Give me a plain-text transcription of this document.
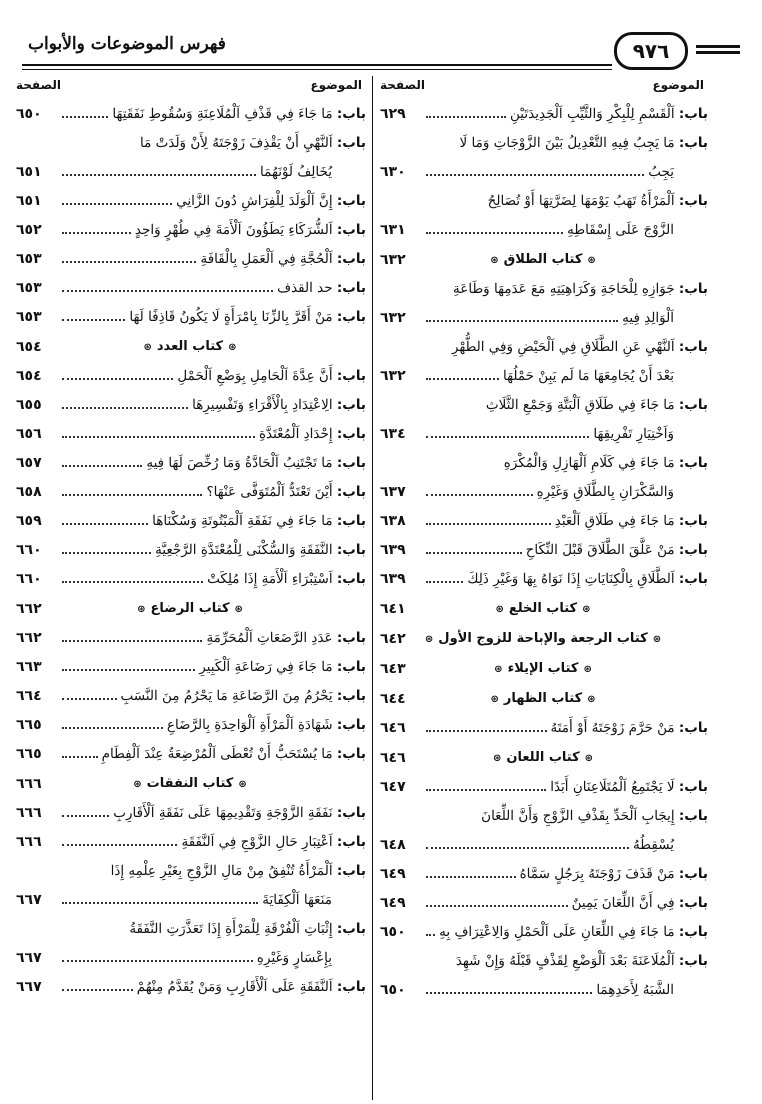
٩٧٦
فهرس الموضوعات والأبواب
الموضوع
الصفحة
باب: اَلْقَسْمِ لِلْبِكْرِ وَالثَّيِّبِ اَلْجَدِيدَتَيْنِ
٦٢٩
باب: مَا يَجِبُ فِيهِ التَّعْدِيلُ بَيْنَ الزَّوْجَاتِ وَمَا لَا
يَجِبُ
٦٣٠
باب: اَلْمَرْأَةُ تَهَبُ يَوْمَهَا لِضَرَّتِهَا أَوْ تُصَالِحُ
الزَّوْجَ عَلَى إِسْقَاطِهِ
٦٣١
⊛كتاب الطلاق⊛
٦٣٢
باب: جَوَازِهِ لِلْحَاجَةِ وَكَرَاهِيَتِهِ مَعَ عَدَمِهَا وَطَاعَةِ
اَلْوَالِدِ فِيهِ
٦٣٢
باب: اَلنَّهْيِ عَنِ الطَّلَاقِ فِي اَلْحَيْضِ وَفِي الطُّهْرِ
بَعْدَ أَنْ يُجَامِعَهَا مَا لَم يَبِنْ حَمْلُهَا
٦٣٢
باب: مَا جَاءَ فِي طَلَاقِ اَلْبَتَّةِ وَجَمْعِ الثَّلَاثِ
وَاَخْتِيَارِ تَفْرِيقِهَا
٦٣٤
باب: مَا جَاءَ فِي كَلَامِ اَلْهَازِلِ وَالْمُكْرَهِ
وَالسَّكْرَانِ بِالطَّلَاقِ وَغَيْرِهِ
٦٣٧
باب: مَا جَاءَ فِي طَلَاقِ اَلْعَبْدِ
٦٣٨
باب: مَنْ عَلَّقَ الطَّلَاقَ قَبْلَ النِّكَاحِ
٦٣٩
باب: اَلطَّلَاقِ بِالْكِنَايَاتِ إِذَا نَوَاهُ بِهَا وَغَيْرِ ذَلِكَ
٦٣٩
⊛كتاب الخلع⊛
٦٤١
⊛كتاب الرجعة والإباحة للزوج الأول⊛
٦٤٢
⊛كتاب الإيلاء⊛
٦٤٣
⊛كتاب الظهار⊛
٦٤٤
باب: مَنْ حَرَّمَ زَوْجَتَهُ أَوْ أَمَتَهُ
٦٤٦
⊛كتاب اللعان⊛
٦٤٦
باب: لَا يَجْتَمِعُ اَلْمُتَلَاعِنَانِ أَبَدًا
٦٤٧
باب: إِيجَابِ اَلْحَدِّ بِقَذْفِ الزَّوْجِ وَأَنَّ اللِّعَانَ
يُسْقِطُهُ
٦٤٨
باب: مَنْ قَذَفَ زَوْجَتَهُ بِرَجُلٍ سَمَّاهُ
٦٤٩
باب: فِي أَنَّ اللِّعَانَ يَمِينٌ
٦٤٩
باب: مَا جَاءَ فِي اللِّعَانِ عَلَى اَلْحَمْلِ وَالِاعْتِرَافِ بِهِ
٦٥٠
باب: اَلْمُلَاعَنَةَ بَعْدَ اَلْوَضْعِ لِقَذْفٍ قَبْلَهُ وَإِنْ شَهِدَ
الشَّبَهُ لِأَحَدِهِمَا
٦٥٠
الموضوع
الصفحة
باب: مَا جَاءَ فِي قَذْفِ اَلْمُلَاعِنَةِ وَسُقُوطِ نَفَقَتِهَا
٦٥٠
باب: اَلنَّهْيِ أَنْ يَقْذِفَ زَوْجَتَهُ لِأَنْ وَلَدَتْ مَا
يُخَالِفُ لَوْنَهُمَا
٦٥١
باب: إِنَّ اَلْوَلَدَ لِلْفِرَاشِ دُونَ الزَّانِي
٦٥١
باب: اَلشُّرَكَاءِ يَطَؤُونَ اَلْأَمَةَ فِي طُهْرٍ وَاحِدٍ
٦٥٢
باب: اَلْحُجَّةِ فِي اَلْعَمَلِ بِالْقَافَةِ
٦٥٣
باب: حد القذف
٦٥٣
باب: مَنْ أَقَرَّ بِالزِّنَا بِامْرَأَةٍ لَا يَكُونُ قَاذِفًا لَهَا
٦٥٣
⊛كتاب العدد⊛
٦٥٤
باب: أَنَّ عِدَّةَ اَلْحَامِلِ بِوَضْعِ اَلْحَمْلِ
٦٥٤
باب: الِاعْتِدَادِ بِالْأَقْرَاءِ وَتَفْسِيرِهَا
٦٥٥
باب: إِحْدَادِ اَلْمُعْتَدَّةِ
٦٥٦
باب: مَا تَجْتَنِبُ اَلْحَادَّةُ وَمَا رُخِّصَ لَهَا فِيهِ
٦٥٧
باب: أَيْنَ تَعْتَدُّ اَلْمُتَوَفَّى عَنْهَا؟
٦٥٨
باب: مَا جَاءَ فِي نَفَقَةِ اَلْمَبْتُوتَةِ وَسُكْنَاهَا
٦٥٩
باب: النَّفَقَةِ وَالسُّكْنَى لِلْمُعْتَدَّةِ الرَّجْعِيَّةِ
٦٦٠
باب: اَسْتِبْرَاءِ اَلْأَمَةِ إِذَا مُلِكَتْ
٦٦٠
⊛كتاب الرضاع⊛
٦٦٢
باب: عَدَدِ الرَّضَعَاتِ اَلْمُحَرِّمَةِ
٦٦٢
باب: مَا جَاءَ فِي رَضَاعَةِ اَلْكَبِيرِ
٦٦٣
باب: يَحْرُمُ مِنَ الرَّضَاعَةِ مَا يَحْرُمُ مِنَ النَّسَبِ
٦٦٤
باب: شَهَادَةِ اَلْمَرْأَةِ اَلْوَاحِدَةِ بِالرَّضَاعِ
٦٦٥
باب: مَا يُسْتَحَبُّ أَنْ تُعْطَى اَلْمُرْضِعَةُ عِنْدَ اَلْفِطَامِ
٦٦٥
⊛كتاب النفقات⊛
٦٦٦
باب: نَفَقَةِ الزَّوْجَةِ وَتَقْدِيمِهَا عَلَى نَفَقَةِ اَلْأَقَارِبِ
٦٦٦
باب: اَعْتِبَارِ حَالِ الزَّوْجِ فِي اَلنَّفَقَةِ
٦٦٦
باب: اَلْمَرْأَةُ تُنْفِقُ مِنْ مَالِ الزَّوْجِ بِغَيْرِ عِلْمِهِ إِذَا
مَنَعَهَا اَلْكِفَايَةَ
٦٦٧
باب: إِثْبَاتِ اَلْفُرْقَةِ لِلْمَرْأَةِ إِذَا تَعَذَّرَتِ النَّفَقَةُ
بِإِعْسَارٍ وَغَيْرِهِ
٦٦٧
باب: اَلنَّفَقَةِ عَلَى اَلْأَقَارِبِ وَمَنْ يُقَدَّمُ مِنْهُمْ
٦٦٧
